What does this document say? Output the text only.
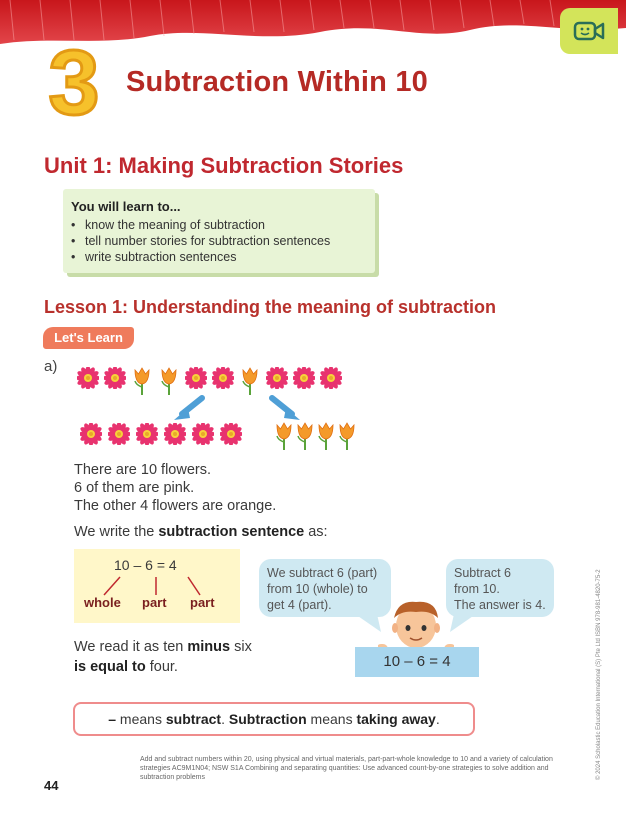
3 Subtraction Within 10
Unit 1: Making Subtraction Stories
You will learn to...
• know the meaning of subtraction
• tell number stories for subtraction sentences
• write subtraction sentences
Lesson 1: Understanding the meaning of subtraction
Let's Learn
a)
There are 10 flowers.
6 of them are pink.
The other 4 flowers are orange.
We write the subtraction sentence as:
10 – 6 = 4
whole part part
We subtract 6 (part)
from 10 (whole) to
get 4 (part).
Subtract 6
from 10.
The answer is 4.
10 – 6 = 4
We read it as ten minus six
is equal to four.
– means subtract. Subtraction means taking away.
44
Add and subtract numbers within 20, using physical and virtual materials, part-part-whole knowledge to 10 and a variety of calculation strategies AC9M1N04; NSW S1A Combining and separating quantities: Use advanced count-by-one strategies to solve addition and subtraction problems	© 2024 Scholastic Education International (S) Pte Ltd ISBN 978-981-4820-75-2
